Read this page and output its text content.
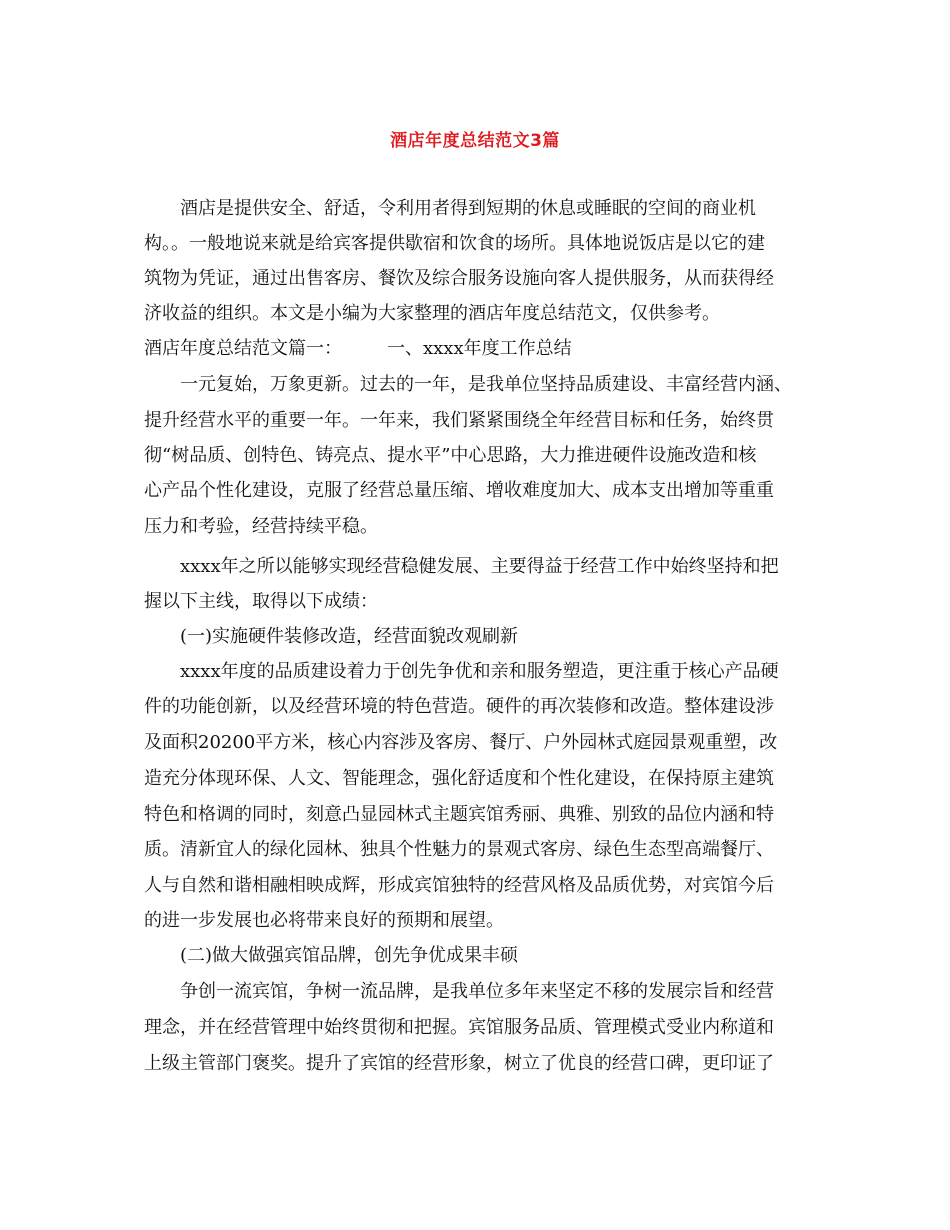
酒店年度总结范文3篇
酒店是提供安全、舒适，令利用者得到短期的休息或睡眠的空间的商业机
构。。一般地说来就是给宾客提供歇宿和饮食的场所。具体地说饭店是以它的建
筑物为凭证，通过出售客房、餐饮及综合服务设施向客人提供服务，从而获得经
济收益的组织。本文是小编为大家整理的酒店年度总结范文，仅供参考。
酒店年度总结范文篇一：　　　一、xxxx年度工作总结
一元复始，万象更新。过去的一年，是我单位坚持品质建设、丰富经营内涵、
提升经营水平的重要一年。一年来，我们紧紧围绕全年经营目标和任务，始终贯
彻“树品质、创特色、铸亮点、提水平”中心思路，大力推进硬件设施改造和核
心产品个性化建设，克服了经营总量压缩、增收难度加大、成本支出增加等重重
压力和考验，经营持续平稳。
xxxx年之所以能够实现经营稳健发展、主要得益于经营工作中始终坚持和把
握以下主线，取得以下成绩：
(一)实施硬件装修改造，经营面貌改观刷新
xxxx年度的品质建设着力于创先争优和亲和服务塑造，更注重于核心产品硬
件的功能创新，以及经营环境的特色营造。硬件的再次装修和改造。整体建设涉
及面积20200平方米，核心内容涉及客房、餐厅、户外园林式庭园景观重塑，改
造充分体现环保、人文、智能理念，强化舒适度和个性化建设，在保持原主建筑
特色和格调的同时，刻意凸显园林式主题宾馆秀丽、典雅、别致的品位内涵和特
质。清新宜人的绿化园林、独具个性魅力的景观式客房、绿色生态型高端餐厅、
人与自然和谐相融相映成辉，形成宾馆独特的经营风格及品质优势，对宾馆今后
的进一步发展也必将带来良好的预期和展望。
(二)做大做强宾馆品牌，创先争优成果丰硕
争创一流宾馆，争树一流品牌，是我单位多年来坚定不移的发展宗旨和经营
理念，并在经营管理中始终贯彻和把握。宾馆服务品质、管理模式受业内称道和
上级主管部门褒奖。提升了宾馆的经营形象，树立了优良的经营口碑，更印证了
